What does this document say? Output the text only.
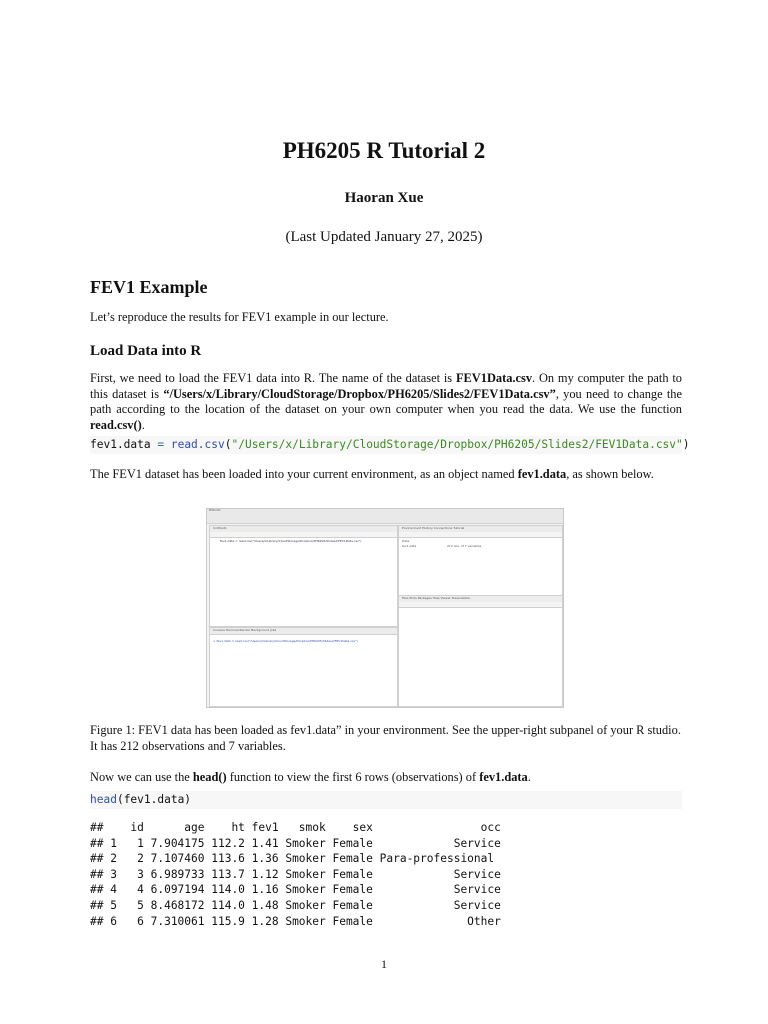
PH6205 R Tutorial 2
Haoran Xue
(Last Updated January 27, 2025)
FEV1 Example
Let’s reproduce the results for FEV1 example in our lecture.
Load Data into R
First, we need to load the FEV1 data into R. The name of the dataset is FEV1Data.csv. On my computer the path to this dataset is “/Users/x/Library/CloudStorage/Dropbox/PH6205/Slides2/FEV1Data.csv”, you need to change the path according to the location of the dataset on your own computer when you read the data. We use the function read.csv().
fev1.data = read.csv("/Users/x/Library/CloudStorage/Dropbox/PH6205/Slides2/FEV1Data.csv")
The FEV1 dataset has been loaded into your current environment, as an object named fev1.data, as shown below.
RStudio
Untitled1
fev1.data = read.csv("/Users/x/Library/CloudStorage/Dropbox/PH6205/Slides2/FEV1Data.csv")
Console Terminal Render Background Jobs
> fev1.data = read.csv("/Users/x/Library/CloudStorage/Dropbox/PH6205/Slides2/FEV1Data.csv")
Environment History Connections Tutorial
Data
fev1.data	212 obs. of 7 variables
Files Plots Packages Help Viewer Presentation
Figure 1: FEV1 data has been loaded as fev1.data” in your environment. See the upper-right subpanel of your R studio. It has 212 observations and 7 variables.
Now we can use the head() function to view the first 6 rows (observations) of fev1.data.
head(fev1.data)
##    id      age    ht fev1   smok    sex                occ
## 1   1 7.904175 112.2 1.41 Smoker Female            Service
## 2   2 7.107460 113.6 1.36 Smoker Female Para-professional
## 3   3 6.989733 113.7 1.12 Smoker Female            Service
## 4   4 6.097194 114.0 1.16 Smoker Female            Service
## 5   5 8.468172 114.0 1.48 Smoker Female            Service
## 6   6 7.310061 115.9 1.28 Smoker Female              Other
1
